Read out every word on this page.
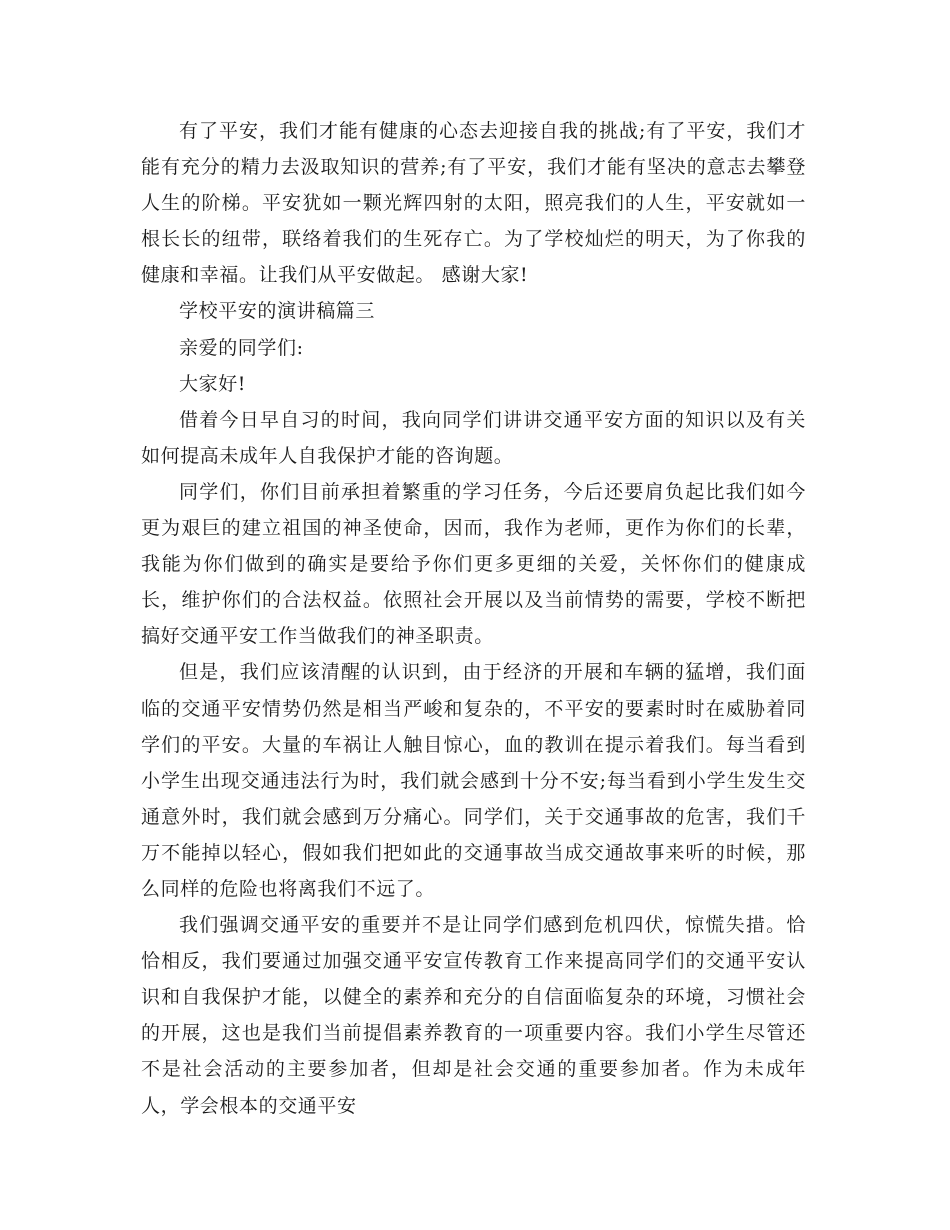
有了平安，我们才能有健康的心态去迎接自我的挑战;有了平安，我们才能有充分的精力去汲取知识的营养;有了平安，我们才能有坚决的意志去攀登人生的阶梯。平安犹如一颗光辉四射的太阳，照亮我们的人生，平安就如一根长长的纽带，联络着我们的生死存亡。为了学校灿烂的明天，为了你我的健康和幸福。让我们从平安做起。 感谢大家!

学校平安的演讲稿篇三

亲爱的同学们:

大家好!

借着今日早自习的时间，我向同学们讲讲交通平安方面的知识以及有关如何提高未成年人自我保护才能的咨询题。

同学们，你们目前承担着繁重的学习任务，今后还要肩负起比我们如今更为艰巨的建立祖国的神圣使命，因而，我作为老师，更作为你们的长辈，我能为你们做到的确实是要给予你们更多更细的关爱，关怀你们的健康成长，维护你们的合法权益。依照社会开展以及当前情势的需要，学校不断把搞好交通平安工作当做我们的神圣职责。

但是，我们应该清醒的认识到，由于经济的开展和车辆的猛增，我们面临的交通平安情势仍然是相当严峻和复杂的，不平安的要素时时在威胁着同学们的平安。大量的车祸让人触目惊心，血的教训在提示着我们。每当看到小学生出现交通违法行为时，我们就会感到十分不安;每当看到小学生发生交通意外时，我们就会感到万分痛心。同学们，关于交通事故的危害，我们千万不能掉以轻心，假如我们把如此的交通事故当成交通故事来听的时候，那么同样的危险也将离我们不远了。

我们强调交通平安的重要并不是让同学们感到危机四伏，惊慌失措。恰恰相反，我们要通过加强交通平安宣传教育工作来提高同学们的交通平安认识和自我保护才能，以健全的素养和充分的自信面临复杂的环境，习惯社会的开展，这也是我们当前提倡素养教育的一项重要内容。我们小学生尽管还不是社会活动的主要参加者，但却是社会交通的重要参加者。作为未成年人，学会根本的交通平安
